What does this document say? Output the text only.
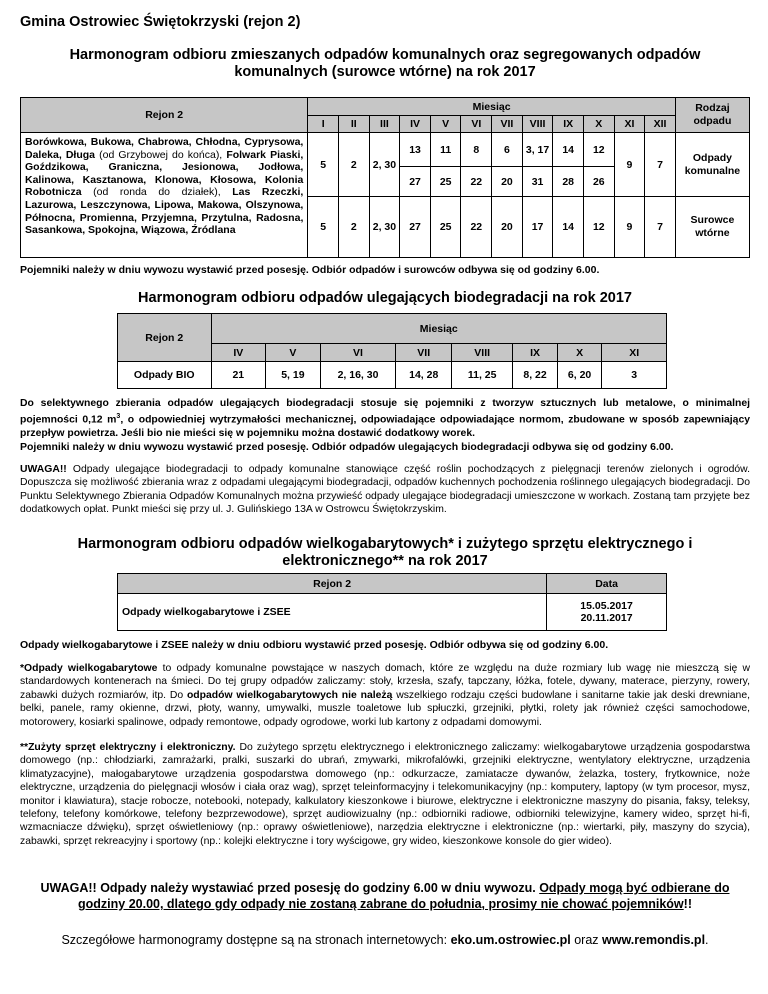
Gmina Ostrowiec Świętokrzyski (rejon 2)
Harmonogram odbioru zmieszanych odpadów komunalnych oraz segregowanych odpadów komunalnych (surowce wtórne) na rok 2017
Rejon 2	Miesiąc												Rodzaj odpadu
	I	II	III	IV	V	VI	VII	VIII	IX	X	XI	XII	
Borówkowa, Bukowa, Chabrowa, Chłodna, Cyprysowa, Daleka, Długa (od Grzybowej do końca), Folwark Piaski, Goździkowa, Graniczna, Jesionowa, Jodłowa, Kalinowa, Kasztanowa, Klonowa, Kłosowa, Kolonia Robotnicza (od ronda do działek), Las Rzeczki, Lazurowa, Leszczynowa, Lipowa, Makowa, Olszynowa, Północna, Promienna, Przyjemna, Przytulna, Radosna, Sasankowa, Spokojna, Wiązowa, Źródlana	5	2	2, 30	13	11	8	6	3, 17	14	12	9	7	Odpady komunalne
				27	25	22	20	31	28	26			
	5	2	2, 30	27	25	22	20	17	14	12	9	7	Surowce wtórne
Pojemniki należy w dniu wywozu wystawić przed posesję. Odbiór odpadów i surowców odbywa się od godziny 6.00.
Harmonogram odbioru odpadów ulegających biodegradacji na rok 2017
Rejon 2	Miesiąc							
	IV	V	VI	VII	VIII	IX	X	XI
Odpady BIO	21	5, 19	2, 16, 30	14, 28	11, 25	8, 22	6, 20	3
Do selektywnego zbierania odpadów ulegających biodegradacji stosuje się pojemniki z tworzyw sztucznych lub metalowe, o minimalnej pojemności 0,12 $m^3$, o odpowiedniej wytrzymałości mechanicznej, odpowiadające odpowiadające normom, zbudowane w sposób zapewniający przepływ powietrza. Jeśli bio nie mieści się w pojemniku można dostawić dodatkowy worek.
Pojemniki należy w dniu wywozu wystawić przed posesję. Odbiór odpadów ulegających biodegradacji odbywa się od godziny 6.00.
UWAGA!! Odpady ulegające biodegradacji to odpady komunalne stanowiące część roślin pochodzących z pielęgnacji terenów zielonych i ogrodów. Dopuszcza się możliwość zbierania wraz z odpadami ulegającymi biodegradacji, odpadów kuchennych pochodzenia roślinnego ulegających biodegradacji. Do Punktu Selektywnego Zbierania Odpadów Komunalnych można przywieść odpady ulegające biodegradacji umieszczone w workach. Zostaną tam przyjęte bez dodatkowych opłat. Punkt mieści się przy ul. J. Gulińskiego 13A w Ostrowcu Świętokrzyskim.
Harmonogram odbioru odpadów wielkogabarytowych* i zużytego sprzętu elektrycznego i elektronicznego** na rok 2017
Rejon 2	Data
Odpady wielkogabarytowe i ZSEE	15.05.2017
20.11.2017
Odpady wielkogabarytowe i ZSEE należy w dniu odbioru wystawić przed posesję. Odbiór odbywa się od godziny 6.00.
*Odpady wielkogabarytowe to odpady komunalne powstające w naszych domach, które ze względu na duże rozmiary lub wagę nie mieszczą się w standardowych kontenerach na śmieci. Do tej grupy odpadów zaliczamy: stoły, krzesła, szafy, tapczany, łóżka, fotele, dywany, materace, pierzyny, rowery, zabawki dużych rozmiarów, itp. Do odpadów wielkogabarytowych nie należą wszelkiego rodzaju części budowlane i sanitarne takie jak deski drewniane, belki, panele, ramy okienne, drzwi, płoty, wanny, umywalki, muszle toaletowe lub spłuczki, grzejniki, płytki, rolety jak również części samochodowe, motorowery, kosiarki spalinowe, odpady remontowe, odpady ogrodowe, worki lub kartony z odpadami domowymi.
**Zużyty sprzęt elektryczny i elektroniczny. Do zużytego sprzętu elektrycznego i elektronicznego zaliczamy: wielkogabarytowe urządzenia gospodarstwa domowego (np.: chłodziarki, zamrażarki, pralki, suszarki do ubrań, zmywarki, mikrofalówki, grzejniki elektryczne, wentylatory elektryczne, urządzenia klimatyzacyjne), małogabarytowe urządzenia gospodarstwa domowego (np.: odkurzacze, zamiatacze dywanów, żelazka, tostery, frytkownice, noże elektryczne, urządzenia do pielęgnacji włosów i ciała oraz wag), sprzęt teleinformacyjny i telekomunikacyjny (np.: komputery, laptopy (w tym procesor, mysz, monitor i klawiatura), stacje robocze, notebooki, notepady, kalkulatory kieszonkowe i biurowe, elektryczne i elektroniczne maszyny do pisania, faksy, teleksy, telefony, telefony komórkowe, telefony bezprzewodowe), sprzęt audiowizualny (np.: odbiorniki radiowe, odbiorniki telewizyjne, kamery wideo, sprzęt hi-fi, wzmacniacze dźwięku), sprzęt oświetleniowy (np.: oprawy oświetleniowe), narzędzia elektryczne i elektroniczne (np.: wiertarki, piły, maszyny do szycia), zabawki, sprzęt rekreacyjny i sportowy (np.: kolejki elektryczne i tory wyścigowe, gry wideo, kieszonkowe konsole do gier wideo).
UWAGA!! Odpady należy wystawiać przed posesję do godziny 6.00 w dniu wywozu. Odpady mogą być odbierane do godziny 20.00, dlatego gdy odpady nie zostaną zabrane do południa, prosimy nie chować pojemników!!
Szczegółowe harmonogramy dostępne są na stronach internetowych: eko.um.ostrowiec.pl oraz www.remondis.pl.
